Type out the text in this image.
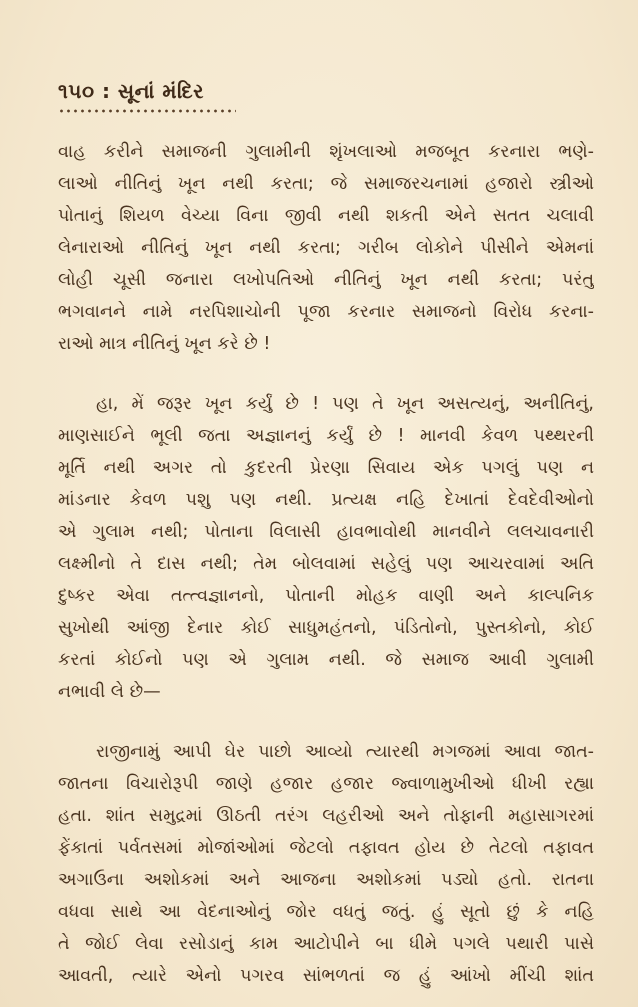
૧૫૦ : સૂનાં મંદિર
વાહ કરીને સમાજની ગુલામીની શૃંખલાઓ મજબૂત કરનારા ભણે-
લાઓ નીતિનું ખૂન નથી કરતા; જે સમાજરચનામાં હજારો સ્ત્રીઓ
પોતાનું શિયળ વેચ્યા વિના જીવી નથી શકતી એને સતત ચલાવી
લેનારાઓ નીતિનું ખૂન નથી કરતા; ગરીબ લોકોને પીસીને એમનાં
લોહી ચૂસી જનારા લખોપતિઓ નીતિનું ખૂન નથી કરતા; પરંતુ
ભગવાનને નામે નરપિશાચોની પૂજા કરનાર સમાજનો વિરોધ કરના-
રાઓ માત્ર નીતિનું ખૂન કરે છે !
હા, મેં જરૂર ખૂન કર્યું છે ! પણ તે ખૂન અસત્યનું, અનીતિનું,
માણસાઈને ભૂલી જતા અજ્ઞાનનું કર્યું છે ! માનવી કેવળ પથ્થરની
મૂર્તિ નથી અગર તો કુદરતી પ્રેરણા સિવાય એક પગલું પણ ન
માંડનાર કેવળ પશુ પણ નથી. પ્રત્યક્ષ નહિ દેખાતાં દેવદેવીઓનો
એ ગુલામ નથી; પોતાના વિલાસી હાવભાવોથી માનવીને લલચાવનારી
લક્ષ્મીનો તે દાસ નથી; તેમ બોલવામાં સહેલું પણ આચરવામાં અતિ
દુષ્કર એવા તત્ત્વજ્ઞાનનો, પોતાની મોહક વાણી અને કાલ્પનિક
સુખોથી આંજી દેનાર કોઈ સાધુમહંતનો, પંડિતોનો, પુસ્તકોનો, કોઈ
કરતાં કોઈનો પણ એ ગુલામ નથી. જે સમાજ આવી ગુલામી
નભાવી લે છે—
રાજીનામું આપી ઘેર પાછો આવ્યો ત્યારથી મગજમાં આવા જાત-
જાતના વિચારોરૂપી જાણે હજાર હજાર જ્વાળામુખીઓ ધીખી રહ્યા
હતા. શાંત સમુદ્રમાં ઊઠતી તરંગ લહરીઓ અને તોફાની મહાસાગરમાં
ફેંકાતાં પર્વતસમાં મોજાંઓમાં જેટલો તફાવત હોય છે તેટલો તફાવત
અગાઉના અશોકમાં અને આજના અશોકમાં પડ્યો હતો. રાતના
વધવા સાથે આ વેદનાઓનું જોર વધતું જતું. હું સૂતો છું કે નહિ
તે જોઈ લેવા રસોડાનું કામ આટોપીને બા ધીમે પગલે પથારી પાસે
આવતી, ત્યારે એનો પગરવ સાંભળતાં જ હું આંખો મીંચી શાંત
